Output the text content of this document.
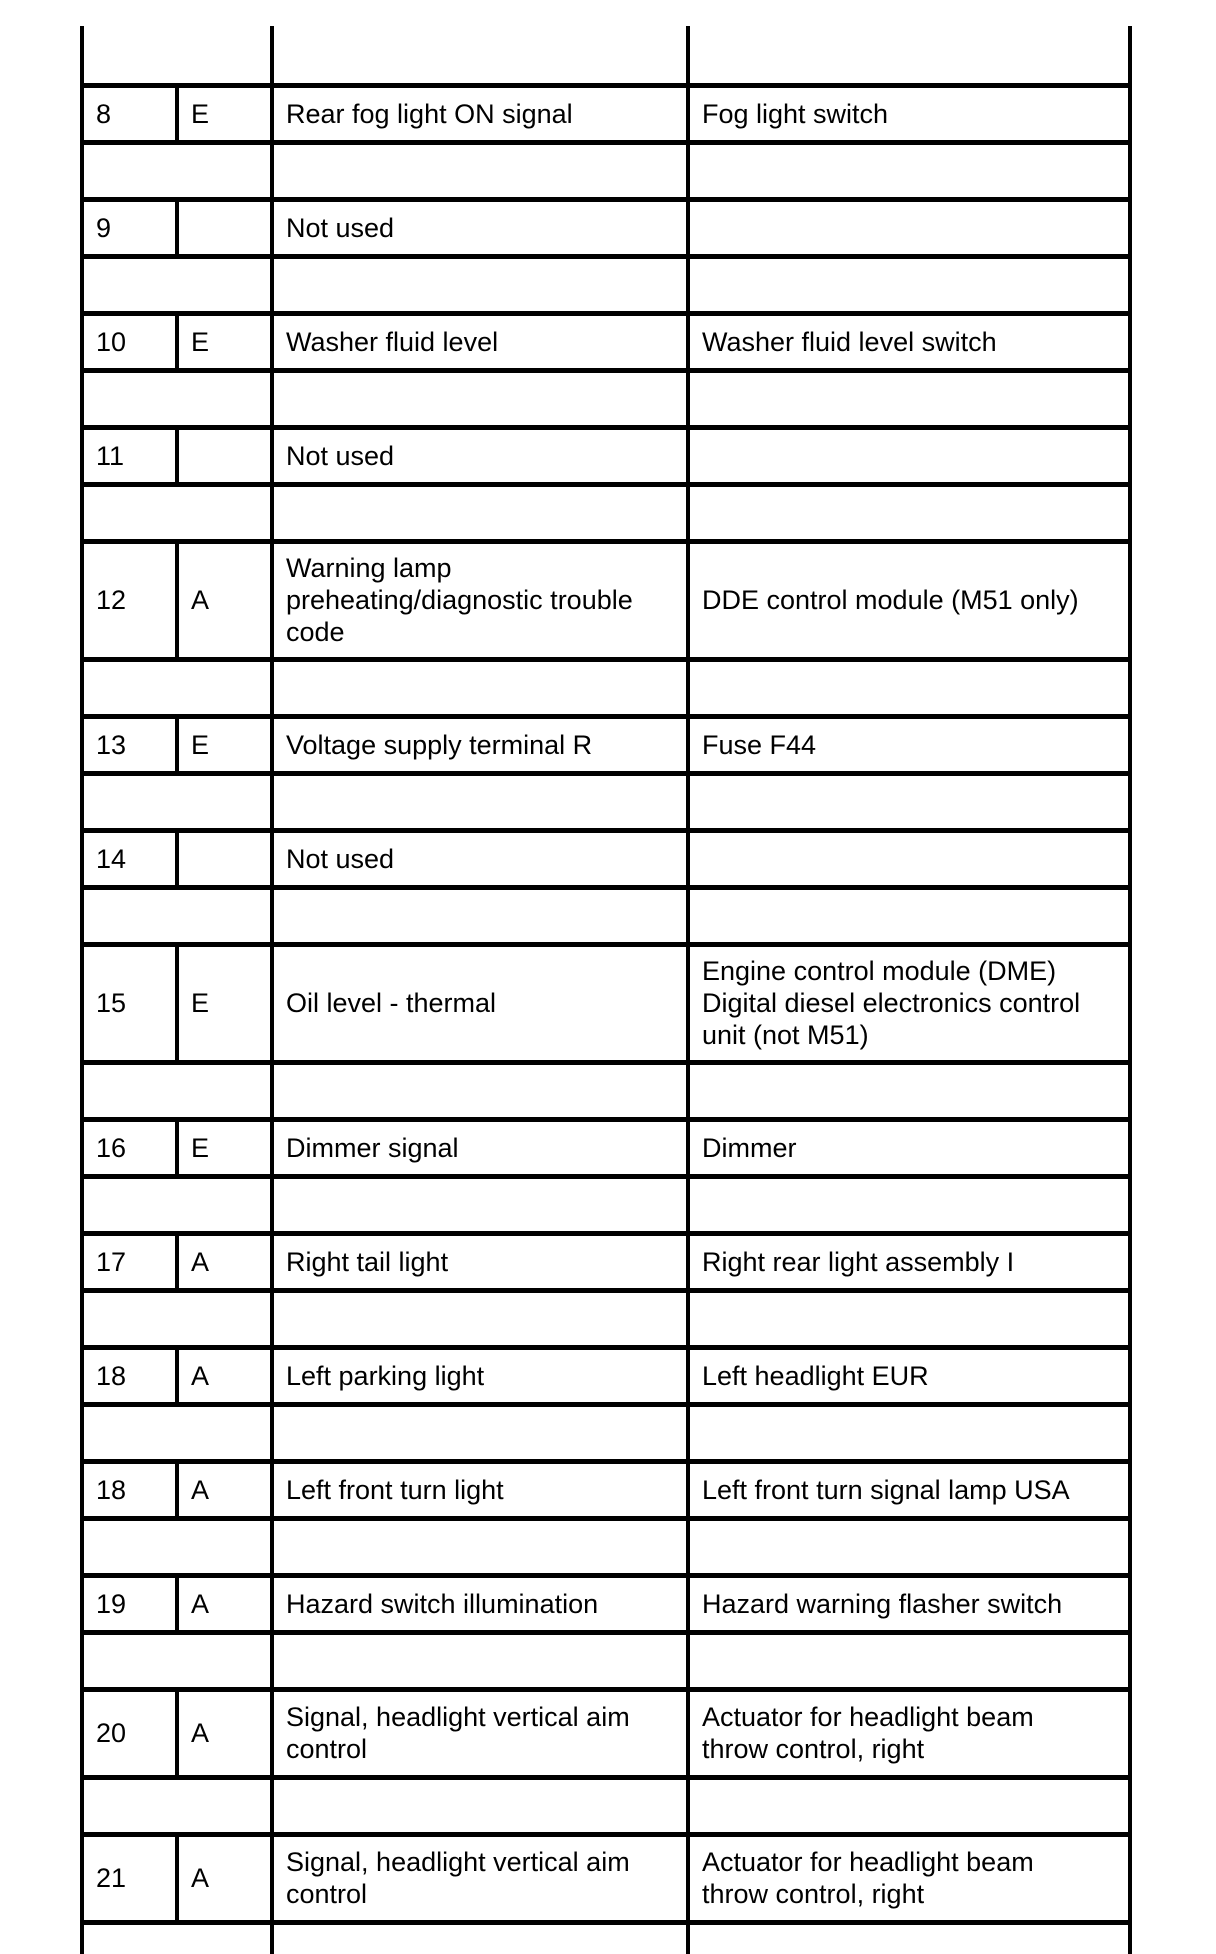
8	E	Rear fog light ON signal	Fog light switch

9		Not used	

10	E	Washer fluid level	Washer fluid level switch

11		Not used	

12	A	Warning lamp
preheating/diagnostic trouble
code	DDE control module (M51 only)

13	E	Voltage supply terminal R	Fuse F44

14		Not used	

15	E	Oil level - thermal	Engine control module (DME)
Digital diesel electronics control
unit (not M51)

16	E	Dimmer signal	Dimmer

17	A	Right tail light	Right rear light assembly I

18	A	Left parking light	Left headlight EUR

18	A	Left front turn light	Left front turn signal lamp USA

19	A	Hazard switch illumination	Hazard warning flasher switch

20	A	Signal, headlight vertical aim
control	Actuator for headlight beam
throw control, right

21	A	Signal, headlight vertical aim
control	Actuator for headlight beam
throw control, right
